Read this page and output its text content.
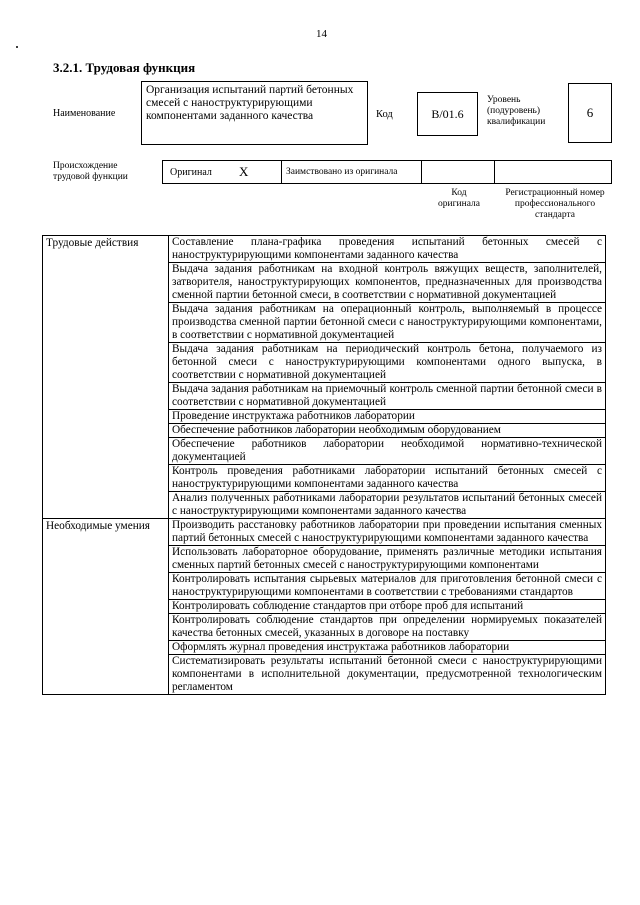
14
3.2.1. Трудовая функция
Наименование
Организация испытаний партий бетонных смесей с наноструктурирующими компонентами заданного качества	Код	B/01.6
Уровень (подуровень) квалификации
6
Происхождение трудовой функции	Оригинал X	Заимствовано из оригинала
Код оригинала
Регистрационный номер профессионального стандарта
Трудовые действия	Составление плана-графика проведения испытаний бетонных смесей с наноструктурирующими компонентами заданного качества
	Выдача задания работникам на входной контроль вяжущих веществ, заполнителей, затворителя, наноструктурирующих компонентов, предназначенных для производства сменной партии бетонной смеси, в соответствии с нормативной документацией
	Выдача задания работникам на операционный контроль, выполняемый в процессе производства сменной партии бетонной смеси с наноструктурирующими компонентами, в соответствии с нормативной документацией
	Выдача задания работникам на периодический контроль бетона, получаемого из бетонной смеси с наноструктурирующими компонентами одного выпуска, в соответствии с нормативной документацией
	Выдача задания работникам на приемочный контроль сменной партии бетонной смеси в соответствии с нормативной документацией
	Проведение инструктажа работников лаборатории
	Обеспечение работников лаборатории необходимым оборудованием
	Обеспечение работников лаборатории необходимой нормативно-технической документацией
	Контроль проведения работниками лаборатории испытаний бетонных смесей с наноструктурирующими компонентами заданного качества
	Анализ полученных работниками лаборатории результатов испытаний бетонных смесей с наноструктурирующими компонентами заданного качества
Необходимые умения	Производить расстановку работников лаборатории при проведении испытания сменных партий бетонных смесей с наноструктурирующими компонентами заданного качества
	Использовать лабораторное оборудование, применять различные методики испытания сменных партий бетонных смесей с наноструктурирующими компонентами
	Контролировать испытания сырьевых материалов для приготовления бетонной смеси с наноструктурирующими компонентами в соответствии с требованиями стандартов
	Контролировать соблюдение стандартов при отборе проб для испытаний
	Контролировать соблюдение стандартов при определении нормируемых показателей качества бетонных смесей, указанных в договоре на поставку
	Оформлять журнал проведения инструктажа работников лаборатории
	Систематизировать результаты испытаний бетонной смеси с наноструктурирующими компонентами в исполнительной документации, предусмотренной технологическим регламентом
